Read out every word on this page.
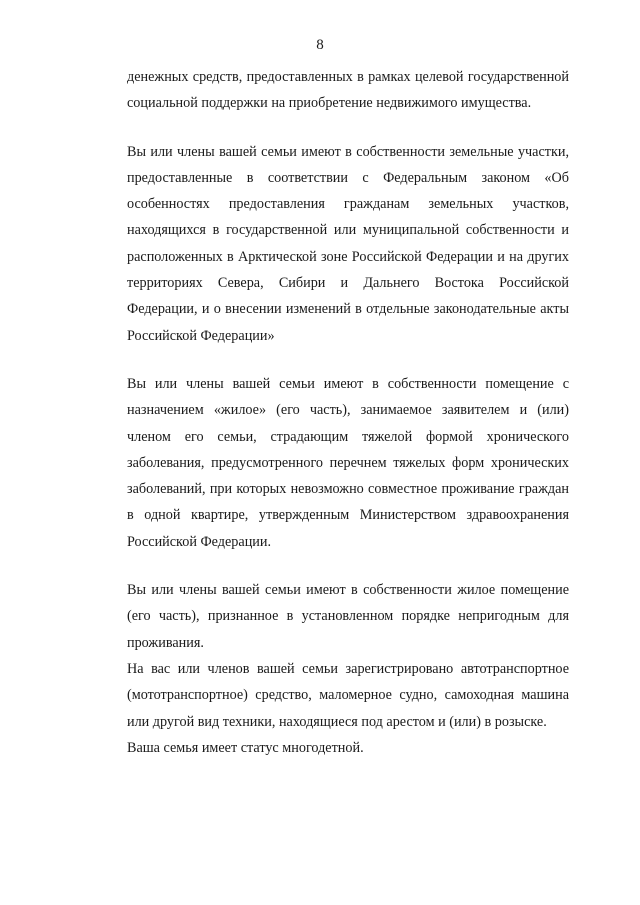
8

денежных средств, предоставленных в рамках целевой государственной социальной поддержки на приобретение недвижимого имущества.

Вы или члены вашей семьи имеют в собственности земельные участки, предоставленные в соответствии с Федеральным законом «Об особенностях предоставления гражданам земельных участков, находящихся в государственной или муниципальной собственности и расположенных в Арктической зоне Российской Федерации и на других территориях Севера, Сибири и Дальнего Востока Российской Федерации, и о внесении изменений в отдельные законодательные акты Российской Федерации»

Вы или члены вашей семьи имеют в собственности помещение с назначением «жилое» (его часть), занимаемое заявителем и (или) членом его семьи, страдающим тяжелой формой хронического заболевания, предусмотренного перечнем тяжелых форм хронических заболеваний, при которых невозможно совместное проживание граждан в одной квартире, утвержденным Министерством здравоохранения Российской Федерации.

Вы или члены вашей семьи имеют в собственности жилое помещение (его часть), признанное в установленном порядке непригодным для проживания.

На вас или членов вашей семьи зарегистрировано автотранспортное (мототранспортное) средство, маломерное судно, самоходная машина или другой вид техники, находящиеся под арестом и (или) в розыске.

Ваша семья имеет статус многодетной.
